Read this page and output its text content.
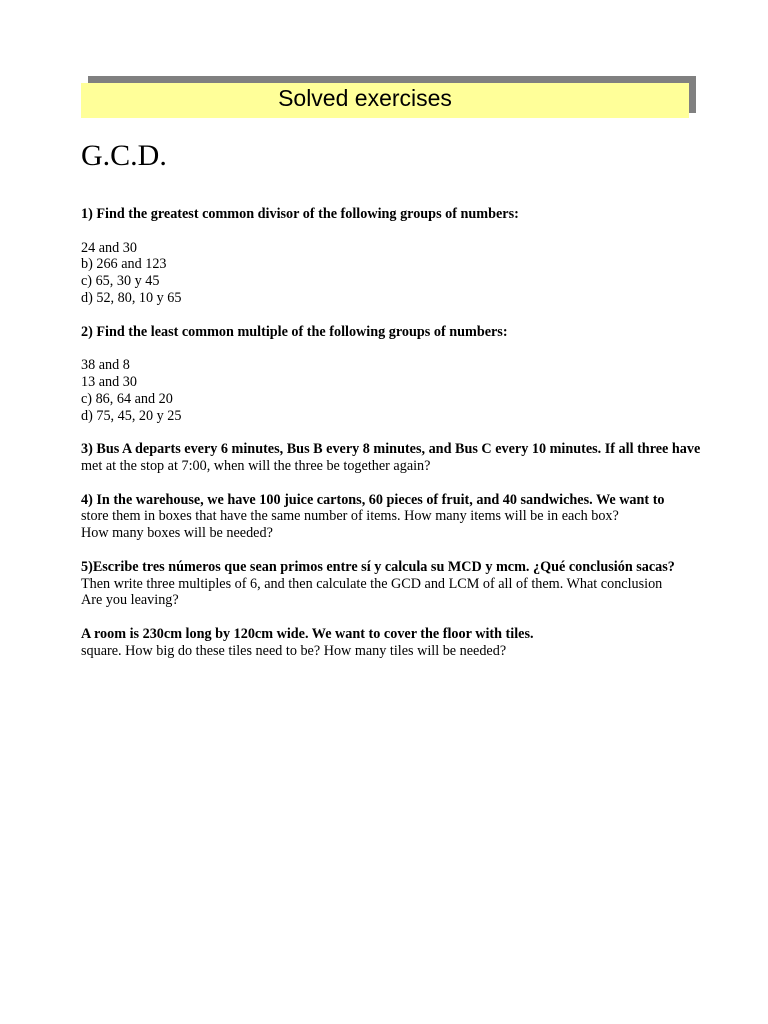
Solved exercises
G.C.D.
1) Find the greatest common divisor of the following groups of numbers:
24 and 30
b) 266 and 123
c) 65, 30 y 45
d) 52, 80, 10 y 65
2) Find the least common multiple of the following groups of numbers:
38 and 8
13 and 30
c) 86, 64 and 20
d) 75, 45, 20 y 25
3) Bus A departs every 6 minutes, Bus B every 8 minutes, and Bus C every 10 minutes. If all three have
met at the stop at 7:00, when will the three be together again?
4) In the warehouse, we have 100 juice cartons, 60 pieces of fruit, and 40 sandwiches. We want to
store them in boxes that have the same number of items. How many items will be in each box?
How many boxes will be needed?
5)Escribe tres números que sean primos entre sí y calcula su MCD y mcm. ¿Qué conclusión sacas?
Then write three multiples of 6, and then calculate the GCD and LCM of all of them. What conclusion
Are you leaving?
A room is 230cm long by 120cm wide. We want to cover the floor with tiles.
square. How big do these tiles need to be? How many tiles will be needed?
